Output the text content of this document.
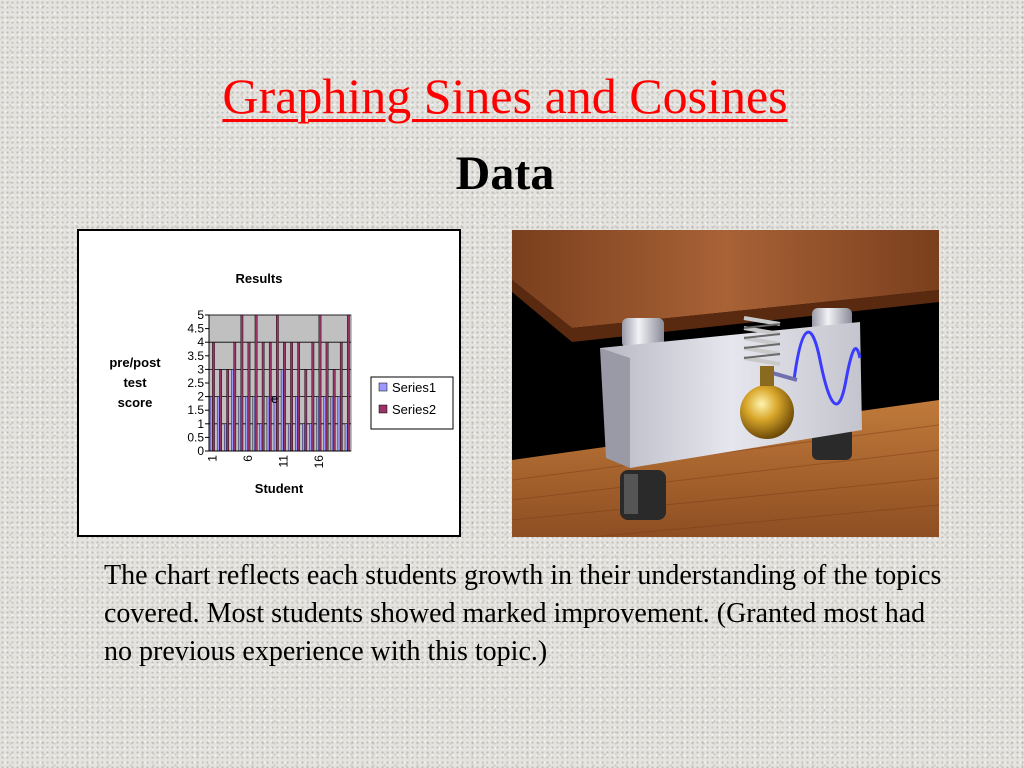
Graphing Sines and Cosines
Data
Results
0
0.5
1
1.5
2
2.5
3
3.5
4
4.5
5
1 6 11 16
Student
pre/post
test
score	e
Series1
Series2

The chart reflects each students growth in their understanding of the topics covered. Most students showed marked improvement. (Granted most had no previous experience with this topic.)
